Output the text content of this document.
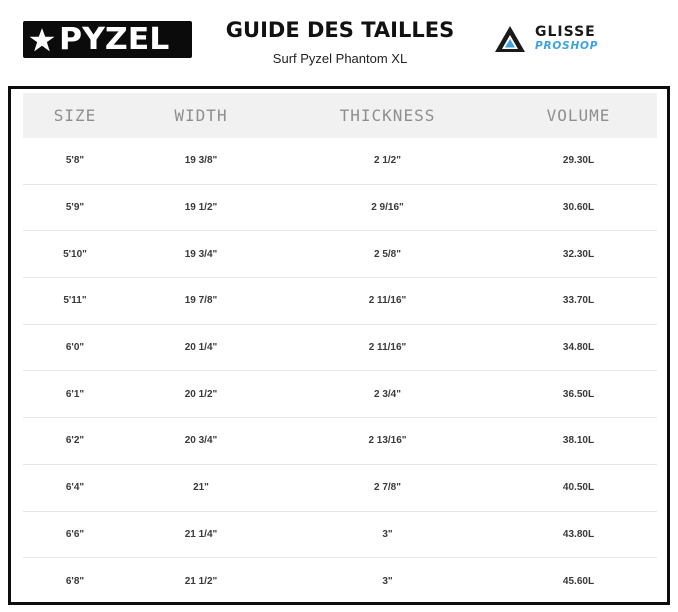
PYZEL	GUIDE DES TAILLES

Surf Pyzel Phantom XL

GLISSE
PROSHOP
SIZE	WIDTH	THICKNESS	VOLUME
5'8"	19 3/8"	2 1/2"	29.30L
5'9"	19 1/2"	2 9/16"	30.60L
5'10"	19 3/4"	2 5/8"	32.30L
5'11"	19 7/8"	2 11/16"	33.70L
6'0"	20 1/4"	2 11/16"	34.80L
6'1"	20 1/2"	2 3/4"	36.50L
6'2"	20 3/4"	2 13/16"	38.10L
6'4"	21"	2 7/8"	40.50L
6'6"	21 1/4"	3"	43.80L
6'8"	21 1/2"	3"	45.60L
